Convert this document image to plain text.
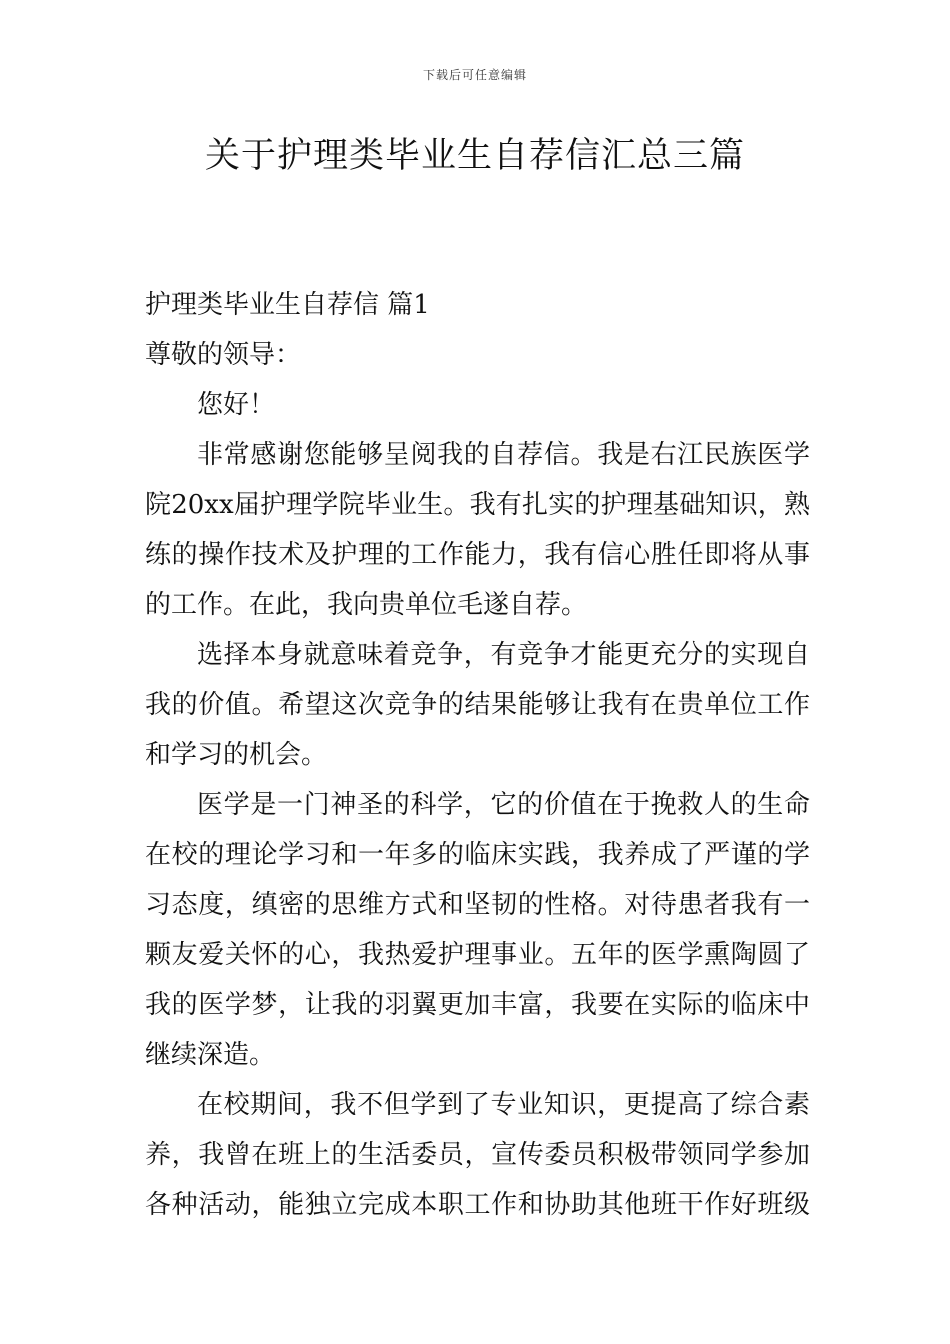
下载后可任意编辑
关于护理类毕业生自荐信汇总三篇
护理类毕业生自荐信 篇1
尊敬的领导：
您好！
非常感谢您能够呈阅我的自荐信。我是右江民族医学
院20xx届护理学院毕业生。我有扎实的护理基础知识，熟
练的操作技术及护理的工作能力，我有信心胜任即将从事
的工作。在此，我向贵单位毛遂自荐。
选择本身就意味着竞争，有竞争才能更充分的实现自
我的价值。希望这次竞争的结果能够让我有在贵单位工作
和学习的机会。
医学是一门神圣的科学，它的价值在于挽救人的生命
在校的理论学习和一年多的临床实践，我养成了严谨的学
习态度，缜密的思维方式和坚韧的性格。对待患者我有一
颗友爱关怀的心，我热爱护理事业。五年的医学熏陶圆了
我的医学梦，让我的羽翼更加丰富，我要在实际的临床中
继续深造。
在校期间，我不但学到了专业知识，更提高了综合素
养，我曾在班上的生活委员，宣传委员积极带领同学参加
各种活动，能独立完成本职工作和协助其他班干作好班级
